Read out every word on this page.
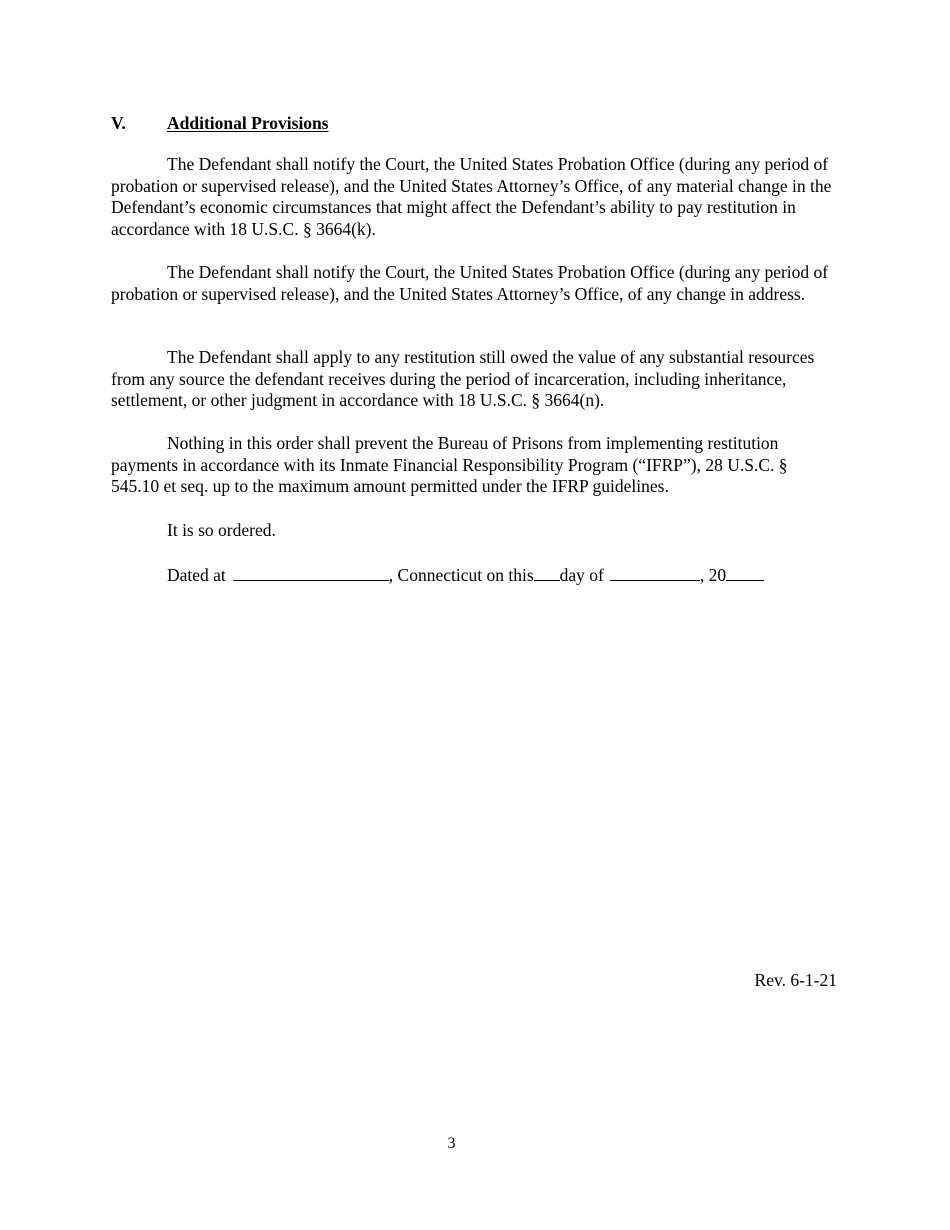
V. Additional Provisions

The Defendant shall notify the Court, the United States Probation Office (during any period of probation or supervised release), and the United States Attorney’s Office, of any material change in the Defendant’s economic circumstances that might affect the Defendant’s ability to pay restitution in accordance with 18 U.S.C. § 3664(k).

The Defendant shall notify the Court, the United States Probation Office (during any period of probation or supervised release), and the United States Attorney’s Office, of any change in address.

The Defendant shall apply to any restitution still owed the value of any substantial resources from any source the defendant receives during the period of incarceration, including inheritance, settlement, or other judgment in accordance with 18 U.S.C. § 3664(n).

Nothing in this order shall prevent the Bureau of Prisons from implementing restitution payments in accordance with its Inmate Financial Responsibility Program (“IFRP”), 28 U.S.C. § 545.10 et seq. up to the maximum amount permitted under the IFRP guidelines.

It is so ordered.

Dated at	, Connecticut on this day of	, 20

Rev. 6-1-21
3
